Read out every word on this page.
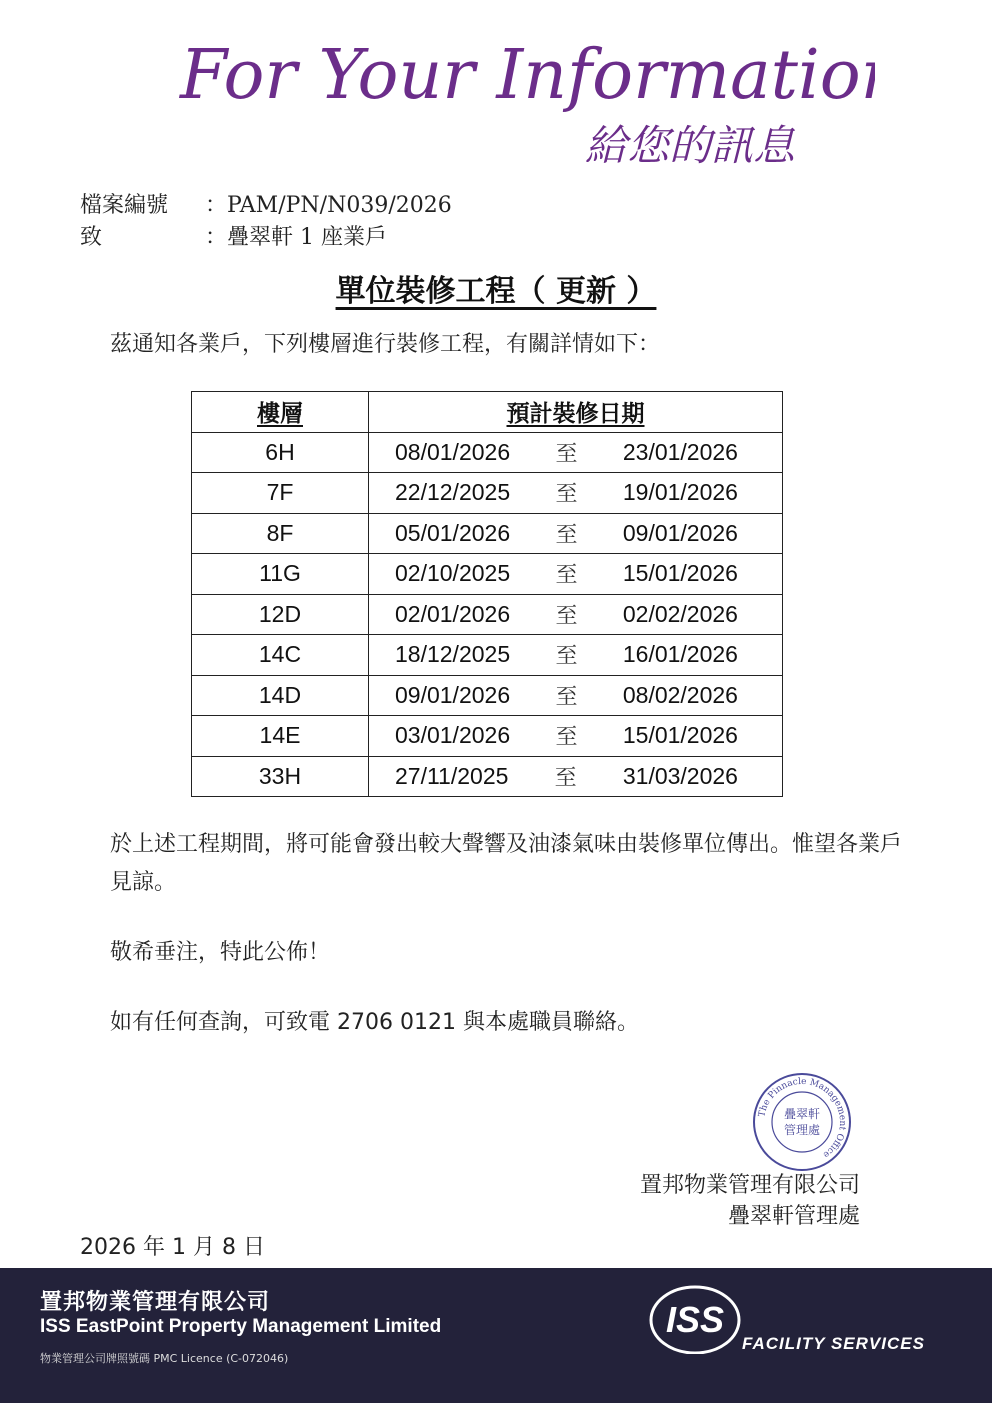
For Your Information
給您的訊息
檔案編號	：PAM/PN/N039/2026
致	：疊翠軒 1 座業戶
單位裝修工程（ 更新 ）
茲通知各業戶，下列樓層進行裝修工程，有關詳情如下：
樓層	預計裝修日期
6H	08/01/2026 至 23/01/2026

7F	22/12/2025 至 19/01/2026

8F	05/01/2026 至 09/01/2026

11G	02/10/2025 至 15/01/2026

12D	02/01/2026 至 02/02/2026

14C	18/12/2025 至 16/01/2026

14D	09/01/2026 至 08/02/2026

14E	03/01/2026 至 15/01/2026

33H	27/11/2025 至 31/03/2026
於上述工程期間，將可能會發出較大聲響及油漆氣味由裝修單位傳出。惟望各業戶見諒。
敬希垂注，特此公佈！
如有任何查詢，可致電 2706 0121 與本處職員聯絡。
The Pinnacle Management Office
疊翠軒
管理處
置邦物業管理有限公司
疊翠軒管理處
2026 年 1 月 8 日
置邦物業管理有限公司
ISS EastPoint Property Management Limited
物業管理公司牌照號碼 PMC Licence (C-072046)
ISS
FACILITY SERVICES
